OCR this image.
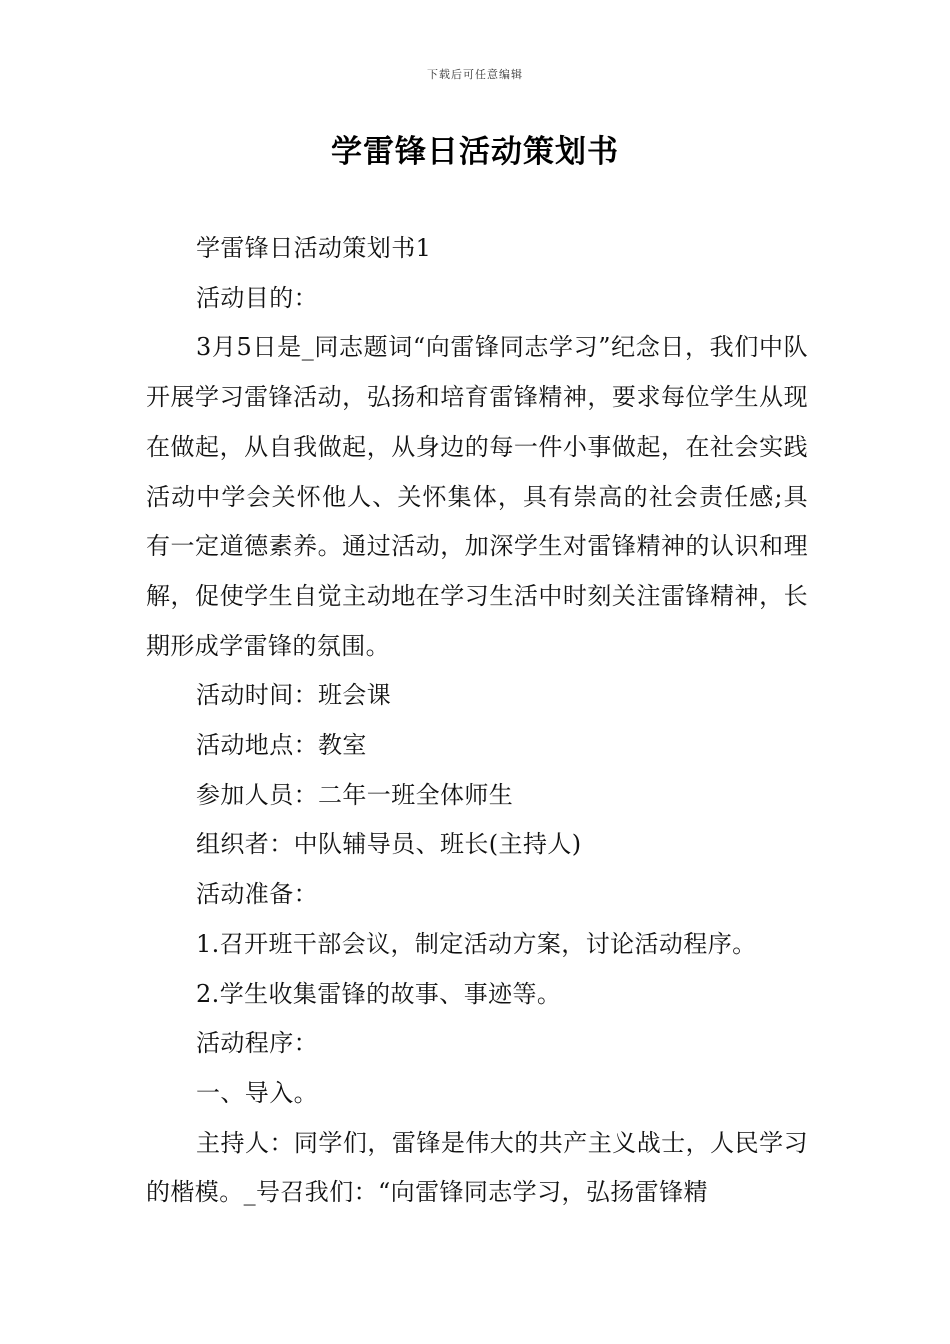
下载后可任意编辑
学雷锋日活动策划书

学雷锋日活动策划书1

活动目的：

3月5日是_同志题词“向雷锋同志学习”纪念日，我们中队开展学习雷锋活动，弘扬和培育雷锋精神，要求每位学生从现在做起，从自我做起，从身边的每一件小事做起，在社会实践活动中学会关怀他人、关怀集体，具有崇高的社会责任感;具有一定道德素养。通过活动，加深学生对雷锋精神的认识和理解，促使学生自觉主动地在学习生活中时刻关注雷锋精神，长期形成学雷锋的氛围。

活动时间：班会课

活动地点：教室

参加人员：二年一班全体师生

组织者：中队辅导员、班长(主持人)

活动准备：

1.召开班干部会议，制定活动方案，讨论活动程序。

2.学生收集雷锋的故事、事迹等。

活动程序：

一、导入。

主持人：同学们，雷锋是伟大的共产主义战士，人民学习的楷模。_号召我们：“向雷锋同志学习，弘扬雷锋精
